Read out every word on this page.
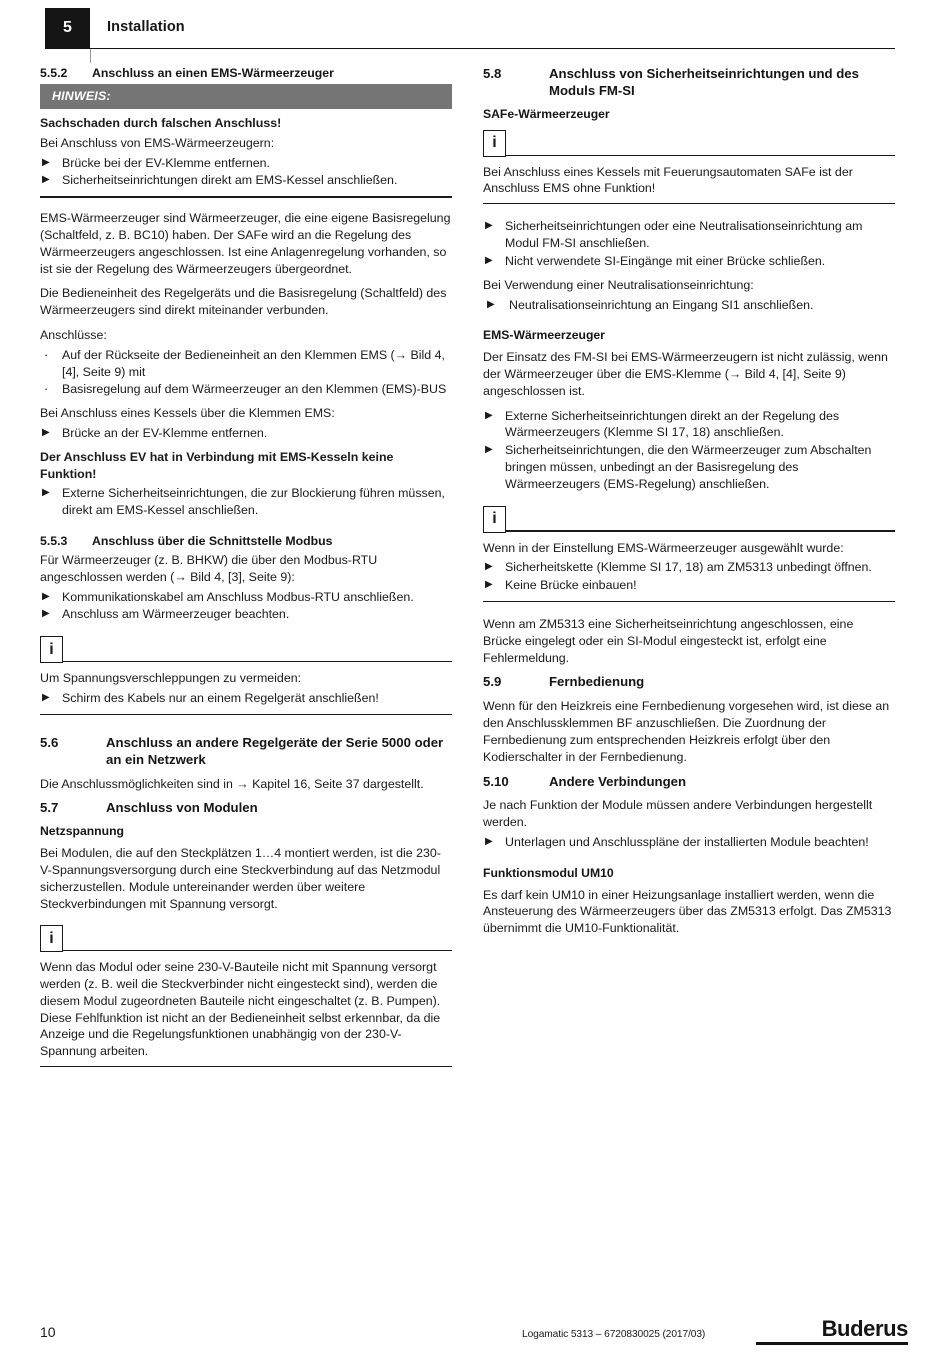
5	Installation
5.5.2	Anschluss an einen EMS-Wärmeerzeuger
HINWEIS:

Sachschaden durch falschen Anschluss!

Bei Anschluss von EMS-Wärmeerzeugern:

▶ Brücke bei der EV-Klemme entfernen.
▶ Sicherheitseinrichtungen direkt am EMS-Kessel anschließen.

EMS-Wärmeerzeuger sind Wärmeerzeuger, die eine eigene Basisregelung (Schaltfeld, z. B. BC10) haben. Der SAFe wird an die Regelung des Wärmeerzeugers angeschlossen. Ist eine Anlagenregelung vorhanden, so ist sie der Regelung des Wärmeerzeugers übergeordnet.

Die Bedieneinheit des Regelgeräts und die Basisregelung (Schaltfeld) des Wärmeerzeugers sind direkt miteinander verbunden.

Anschlüsse:

· Auf der Rückseite der Bedieneinheit an den Klemmen EMS (→ Bild 4, [4], Seite 9) mit
· Basisregelung auf dem Wärmeerzeuger an den Klemmen (EMS)-BUS

Bei Anschluss eines Kessels über die Klemmen EMS:

▶ Brücke an der EV-Klemme entfernen.

Der Anschluss EV hat in Verbindung mit EMS-Kesseln keine Funktion!

▶ Externe Sicherheitseinrichtungen, die zur Blockierung führen müssen, direkt am EMS-Kessel anschließen.
5.5.3	Anschluss über die Schnittstelle Modbus

Für Wärmeerzeuger (z. B. BHKW) die über den Modbus-RTU angeschlossen werden (→ Bild 4, [3], Seite 9):

▶ Kommunikationskabel am Anschluss Modbus-RTU anschließen.
▶ Anschluss am Wärmeerzeuger beachten.
i

Um Spannungsverschleppungen zu vermeiden:

▶ Schirm des Kabels nur an einem Regelgerät anschließen!
5.6	Anschluss an andere Regelgeräte der Serie 5000 oder an ein Netzwerk

Die Anschlussmöglichkeiten sind in → Kapitel 16, Seite 37 dargestellt.

5.7	Anschluss von Modulen
Netzspannung

Bei Modulen, die auf den Steckplätzen 1…4 montiert werden, ist die 230-V-Spannungsversorgung durch eine Steckverbindung auf das Netzmodul sicherzustellen. Module untereinander werden über weitere Steckverbindungen mit Spannung versorgt.

i

Wenn das Modul oder seine 230-V-Bauteile nicht mit Spannung versorgt werden (z. B. weil die Steckverbinder nicht eingesteckt sind), werden die diesem Modul zugeordneten Bauteile nicht eingeschaltet (z. B. Pumpen). Diese Fehlfunktion ist nicht an der Bedieneinheit selbst erkennbar, da die Anzeige und die Regelungsfunktionen unabhängig von der 230-V-Spannung arbeiten.

5.8	Anschluss von Sicherheitseinrichtungen und des Moduls FM-SI
SAFe-Wärmeerzeuger
i

Bei Anschluss eines Kessels mit Feuerungsautomaten SAFe ist der Anschluss EMS ohne Funktion!

▶ Sicherheitseinrichtungen oder eine Neutralisationseinrichtung am Modul FM-SI anschließen.
▶ Nicht verwendete SI-Eingänge mit einer Brücke schließen.

Bei Verwendung einer Neutralisationseinrichtung:

▶ Neutralisationseinrichtung an Eingang SI1 anschließen.
EMS-Wärmeerzeuger

Der Einsatz des FM-SI bei EMS-Wärmeerzeugern ist nicht zulässig, wenn der Wärmeerzeuger über die EMS-Klemme (→ Bild 4, [4], Seite 9) angeschlossen ist.

▶ Externe Sicherheitseinrichtungen direkt an der Regelung des Wärmeerzeugers (Klemme SI 17, 18) anschließen.
▶ Sicherheitseinrichtungen, die den Wärmeerzeuger zum Abschalten bringen müssen, unbedingt an der Basisregelung des Wärmeerzeugers (EMS-Regelung) anschließen.
i

Wenn in der Einstellung EMS-Wärmeerzeuger ausgewählt wurde:

▶ Sicherheitskette (Klemme SI 17, 18) am ZM5313 unbedingt öffnen.
▶ Keine Brücke einbauen!

Wenn am ZM5313 eine Sicherheitseinrichtung angeschlossen, eine Brücke eingelegt oder ein SI-Modul eingesteckt ist, erfolgt eine Fehlermeldung.

5.9	Fernbedienung

Wenn für den Heizkreis eine Fernbedienung vorgesehen wird, ist diese an den Anschlussklemmen BF anzuschließen. Die Zuordnung der Fernbedienung zum entsprechenden Heizkreis erfolgt über den Kodierschalter in der Fernbedienung.

5.10	Andere Verbindungen

Je nach Funktion der Module müssen andere Verbindungen hergestellt werden.

▶ Unterlagen und Anschlusspläne der installierten Module beachten!
Funktionsmodul UM10

Es darf kein UM10 in einer Heizungsanlage installiert werden, wenn die Ansteuerung des Wärmeerzeugers über das ZM5313 erfolgt. Das ZM5313 übernimmt die UM10-Funktionalität.

10	Logamatic 5313 – 6720830025 (2017/03)	Buderus
